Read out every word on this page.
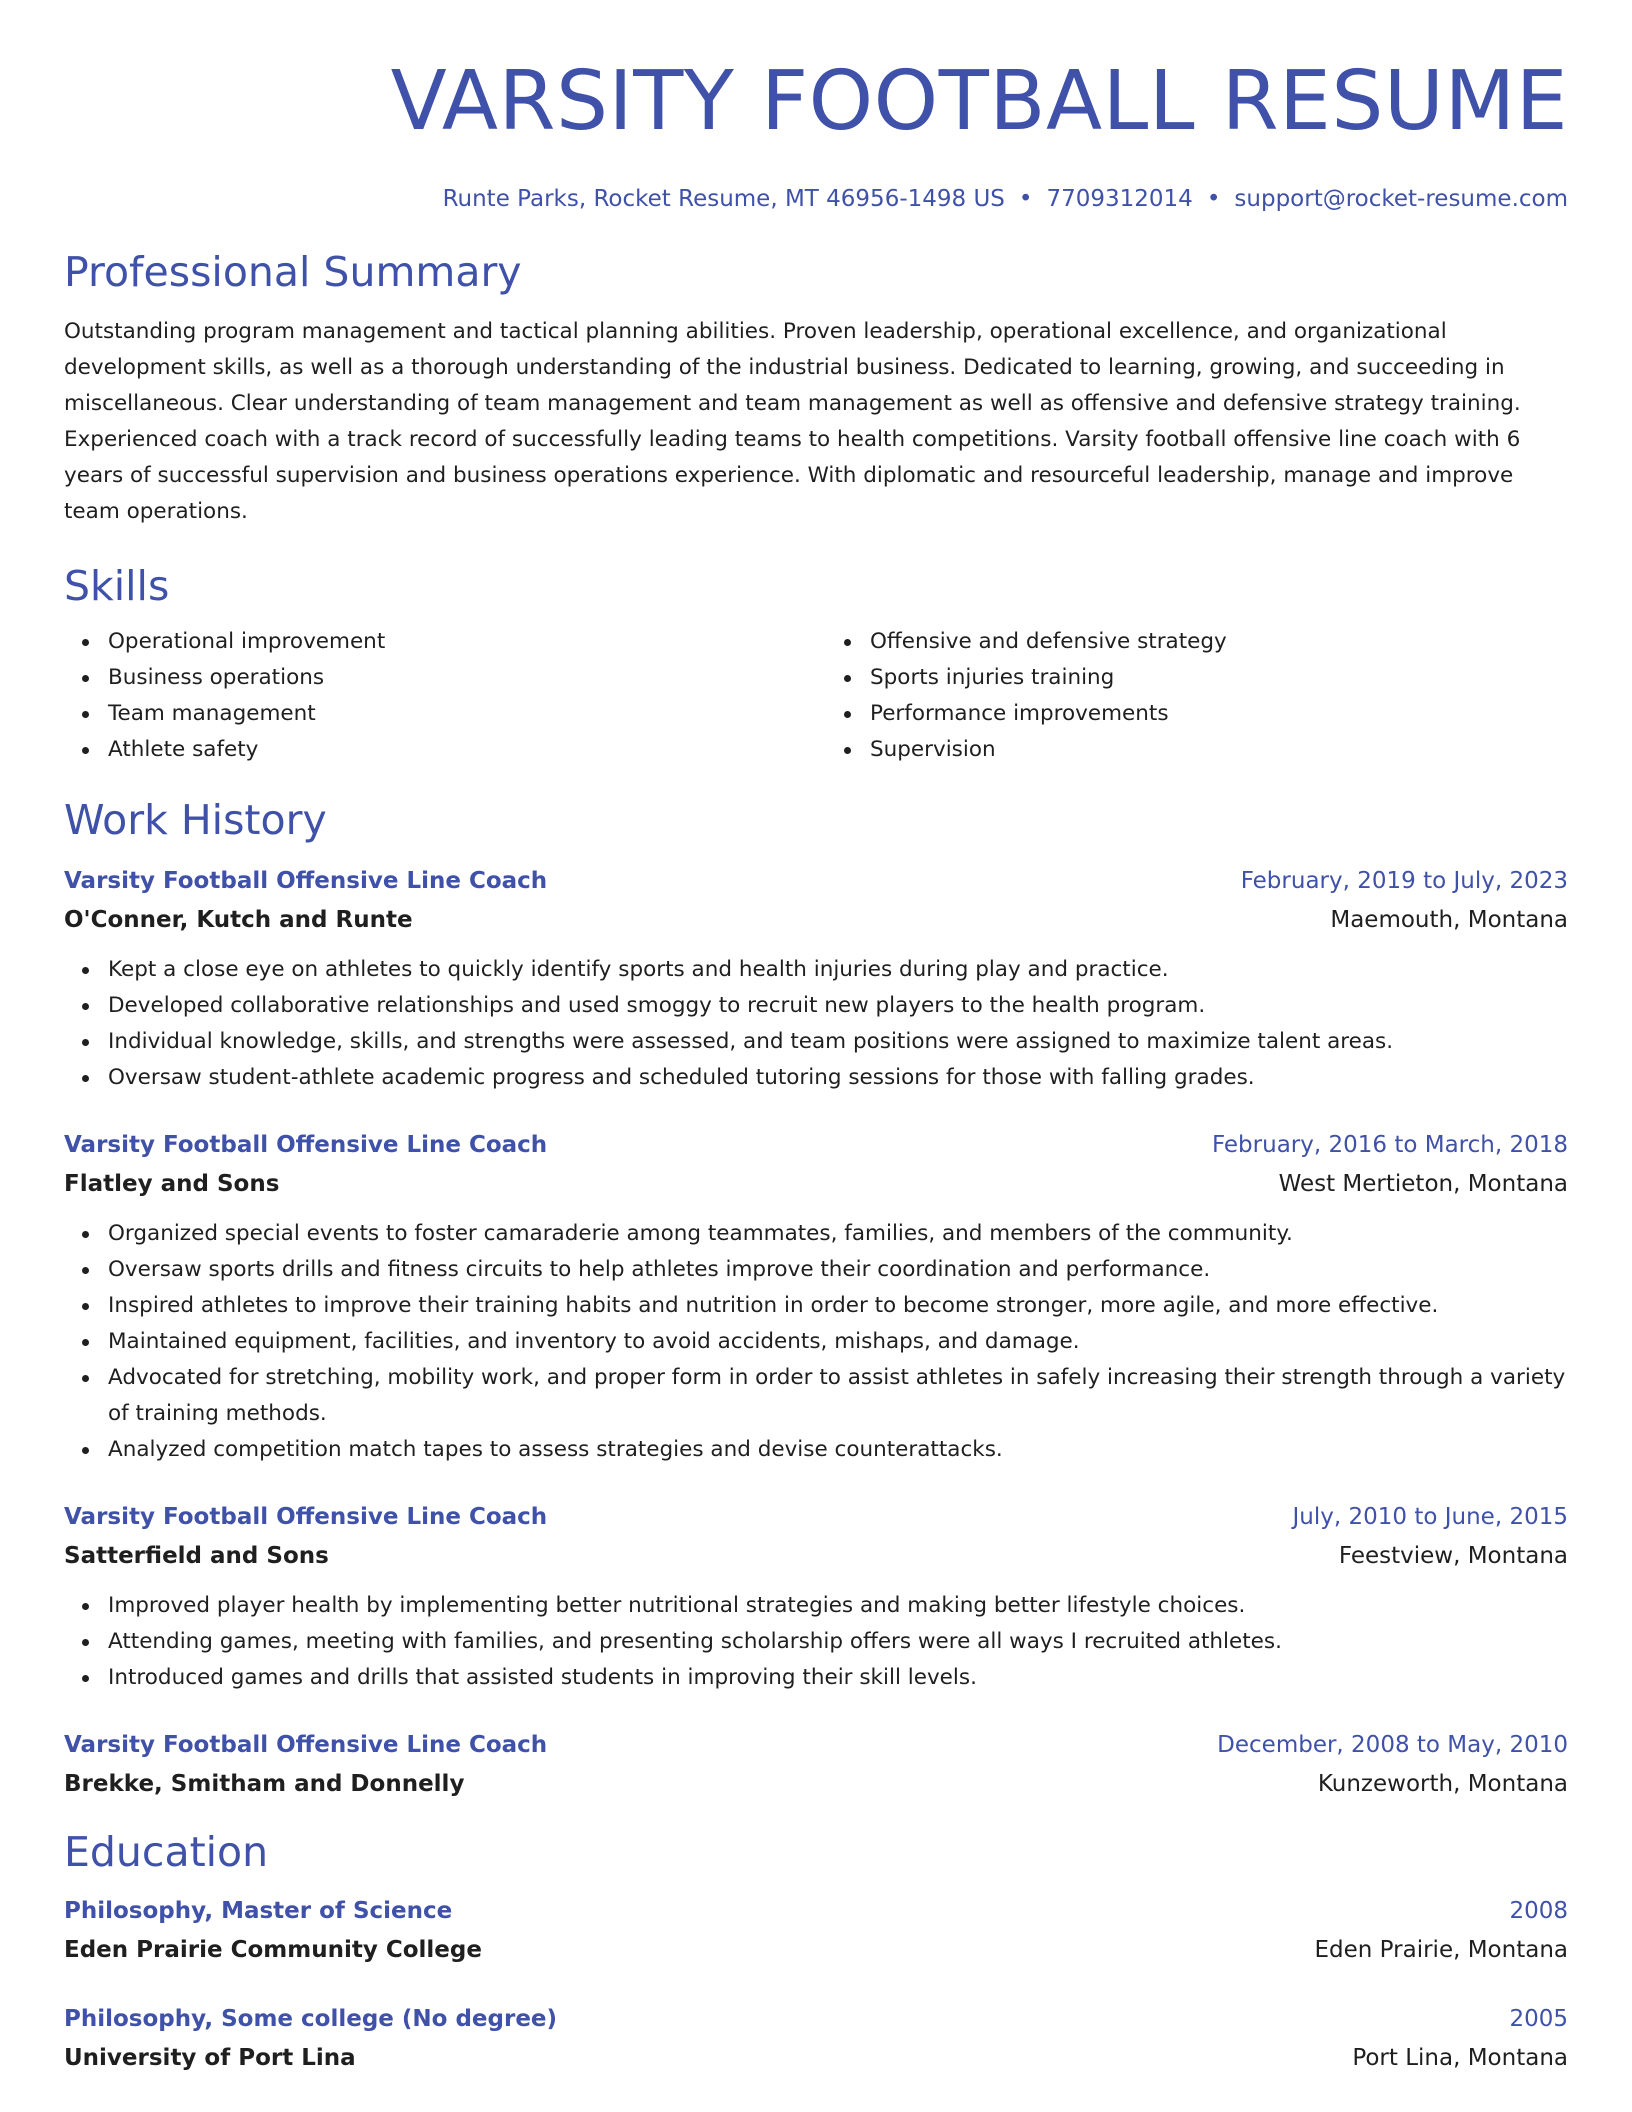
VARSITY FOOTBALL RESUME
Runte Parks, Rocket Resume, MT 46956-1498 US • 7709312014 • support@rocket-resume.com
Professional Summary
Outstanding program management and tactical planning abilities. Proven leadership, operational excellence, and organizational development skills, as well as a thorough understanding of the industrial business. Dedicated to learning, growing, and succeeding in miscellaneous. Clear understanding of team management and team management as well as offensive and defensive strategy training. Experienced coach with a track record of successfully leading teams to health competitions. Varsity football offensive line coach with 6 years of successful supervision and business operations experience. With diplomatic and resourceful leadership, manage and improve team operations.
Skills
Operational improvement
Business operations
Team management
Athlete safety
Offensive and defensive strategy
Sports injuries training
Performance improvements
Supervision
Work History
Varsity Football Offensive Line Coach	February, 2019 to July, 2023
O'Conner, Kutch and Runte	Maemouth, Montana
Kept a close eye on athletes to quickly identify sports and health injuries during play and practice.
Developed collaborative relationships and used smoggy to recruit new players to the health program.
Individual knowledge, skills, and strengths were assessed, and team positions were assigned to maximize talent areas.
Oversaw student-athlete academic progress and scheduled tutoring sessions for those with falling grades.
Varsity Football Offensive Line Coach	February, 2016 to March, 2018
Flatley and Sons	West Mertieton, Montana
Organized special events to foster camaraderie among teammates, families, and members of the community.
Oversaw sports drills and fitness circuits to help athletes improve their coordination and performance.
Inspired athletes to improve their training habits and nutrition in order to become stronger, more agile, and more effective.
Maintained equipment, facilities, and inventory to avoid accidents, mishaps, and damage.
Advocated for stretching, mobility work, and proper form in order to assist athletes in safely increasing their strength through a variety of training methods.
Analyzed competition match tapes to assess strategies and devise counterattacks.
Varsity Football Offensive Line Coach	July, 2010 to June, 2015
Satterfield and Sons	Feestview, Montana
Improved player health by implementing better nutritional strategies and making better lifestyle choices.
Attending games, meeting with families, and presenting scholarship offers were all ways I recruited athletes.
Introduced games and drills that assisted students in improving their skill levels.
Varsity Football Offensive Line Coach	December, 2008 to May, 2010
Brekke, Smitham and Donnelly	Kunzeworth, Montana
Education
Philosophy, Master of Science	2008
Eden Prairie Community College	Eden Prairie, Montana
Philosophy, Some college (No degree)	2005
University of Port Lina	Port Lina, Montana
